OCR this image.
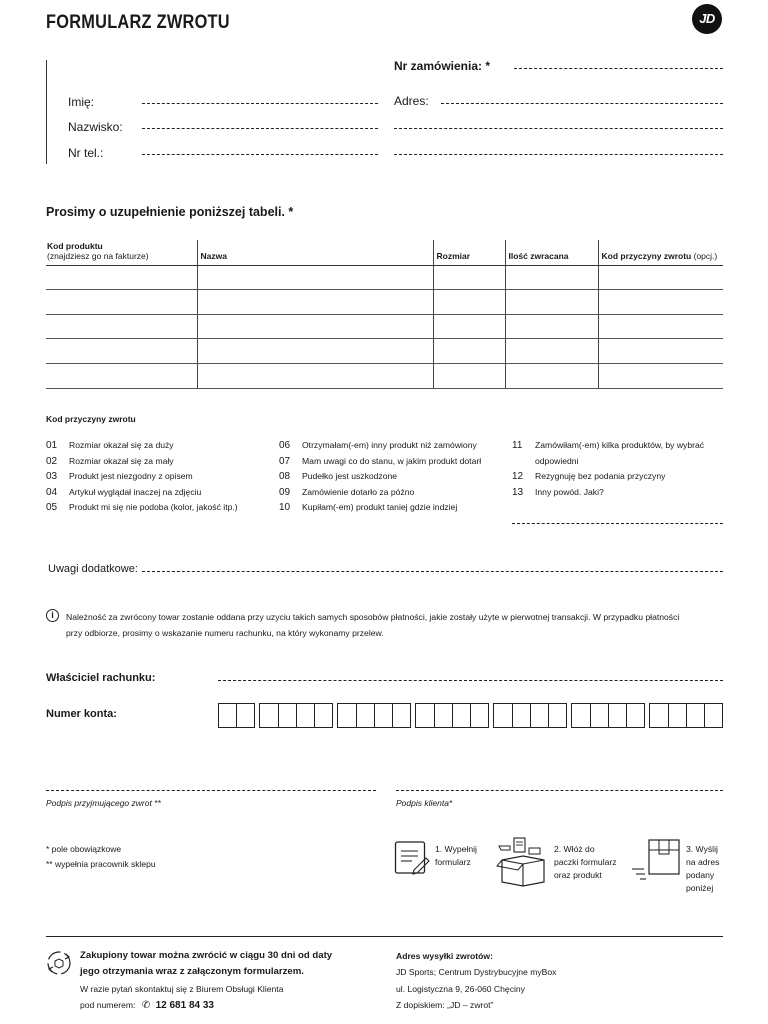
FORMULARZ ZWROTU	JD
Nr zamówienia: *
Imię:	Adres:
Nazwisko:
Nr tel.:
Prosimy o uzupełnienie poniższej tabeli. *
Kod produktu
(znajdziesz go na fakturze)	Nazwa	Rozmiar	Ilość zwracana	Kod przyczyny zwrotu (opcj.)

Kod przyczyny zwrotu
01 Rozmiar okazał się za duży
02 Rozmiar okazał się za mały
03 Produkt jest niezgodny z opisem
04 Artykuł wyglądał inaczej na zdjęciu
05 Produkt mi się nie podoba (kolor, jakość itp.)
06 Otrzymałam(-em) inny produkt niż zamówiony
07 Mam uwagi co do stanu, w jakim produkt dotarł
08 Pudełko jest uszkodzone
09 Zamówienie dotarło za późno
10 Kupiłam(-em) produkt taniej gdzie indziej
11 Zamówiłam(-em) kilka produktów, by wybrać
odpowiedni
12 Rezygnuję bez podania przyczyny
13 Inny powód. Jaki?
Uwagi dodatkowe:
i	Należność za zwrócony towar zostanie oddana przy uzyciu takich samych sposobów płatności, jakie zostały użyte w pierwotnej transakcji. W przypadku płatności
przy odbiorze, prosimy o wskazanie numeru rachunku, na który wykonamy przelew.
Właściciel rachunku:
Numer konta:
Podpis przyjmującego zwrot **	Podpis klienta*
* pole obowiązkowe
** wypełnia pracownik sklepu
1. Wypełnij
formularz
2. Włóż do
paczki formularz
oraz produkt
3. Wyślij
na adres
podany
poniżej
Zakupiony towar można zwrócić w ciągu 30 dni od daty
jego otrzymania wraz z załączonym formularzem.
W razie pytań skontaktuj się z Biurem Obsługi Klienta
pod numerem: ✆ 12 681 84 33
Adres wysyłki zwrotów:
JD Sports; Centrum Dystrybucyjne myBox
ul. Logistyczna 9, 26-060 Chęciny
Z dopiskiem: „JD – zwrot”
